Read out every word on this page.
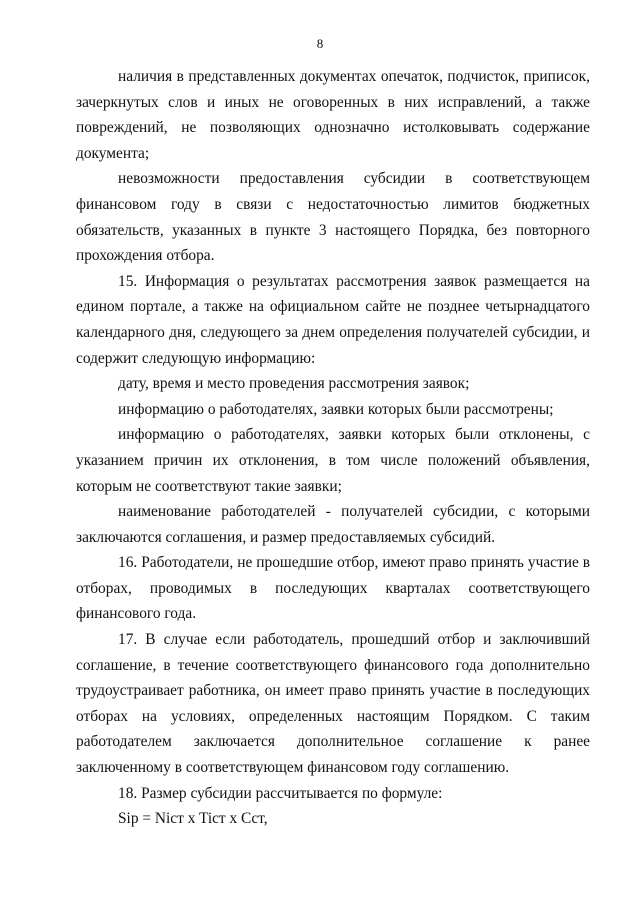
8

наличия в представленных документах опечаток, подчисток, приписок, зачеркнутых слов и иных не оговоренных в них исправлений, а также повреждений, не позволяющих однозначно истолковывать содержание документа;

невозможности предоставления субсидии в соответствующем финансовом году в связи с недостаточностью лимитов бюджетных обязательств, указанных в пункте 3 настоящего Порядка, без повторного прохождения отбора.

15. Информация о результатах рассмотрения заявок размещается на едином портале, а также на официальном сайте не позднее четырнадцатого календарного дня, следующего за днем определения получателей субсидии, и содержит следующую информацию:

дату, время и место проведения рассмотрения заявок;

информацию о работодателях, заявки которых были рассмотрены;

информацию о работодателях, заявки которых были отклонены, с указанием причин их отклонения, в том числе положений объявления, которым не соответствуют такие заявки;

наименование работодателей - получателей субсидии, с которыми заключаются соглашения, и размер предоставляемых субсидий.

16. Работодатели, не прошедшие отбор, имеют право принять участие в отборах, проводимых в последующих кварталах соответствующего финансового года.

17. В случае если работодатель, прошедший отбор и заключивший соглашение, в течение соответствующего финансового года дополнительно трудоустраивает работника, он имеет право принять участие в последующих отборах на условиях, определенных настоящим Порядком. С таким работодателем заключается дополнительное соглашение к ранее заключенному в соответствующем финансовом году соглашению.

18. Размер субсидии рассчитывается по формуле:

Sip = Niст x Tiст x Cст,
